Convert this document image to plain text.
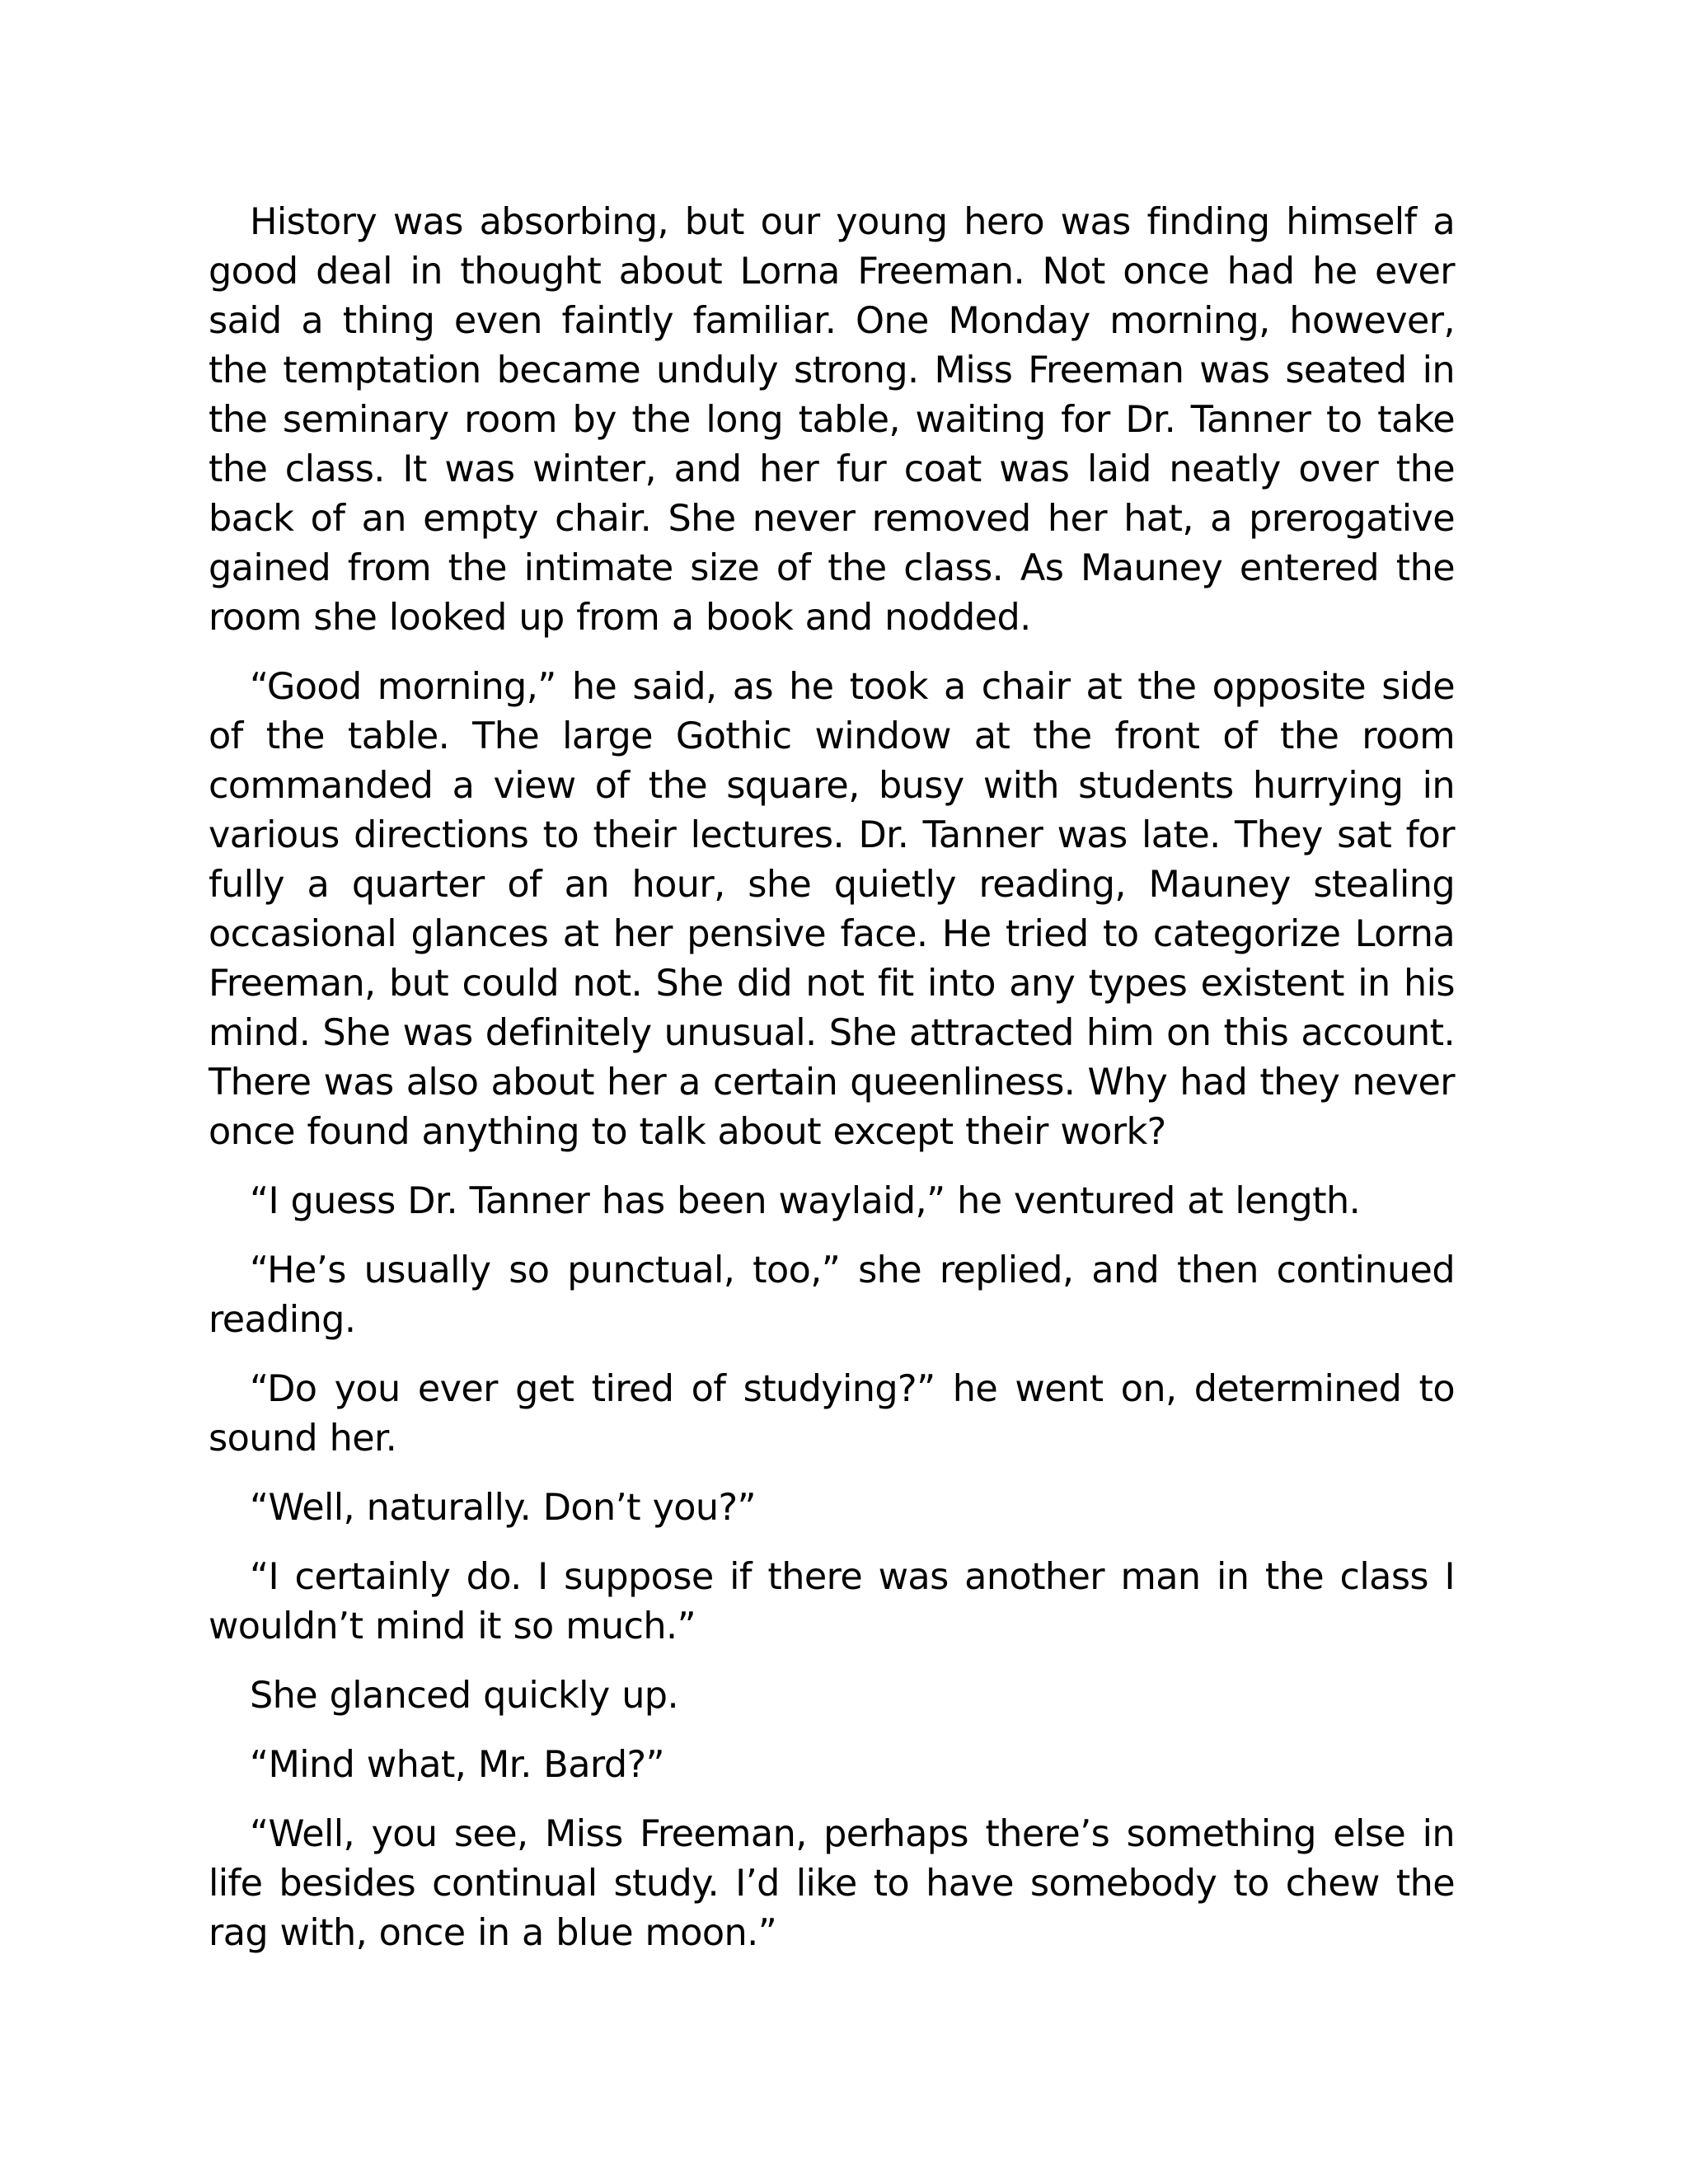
History was absorbing, but our young hero was finding himself a good deal in thought about Lorna Freeman. Not once had he ever said a thing even faintly familiar. One Monday morning, however, the temptation became unduly strong. Miss Freeman was seated in the seminary room by the long table, waiting for Dr. Tanner to take the class. It was winter, and her fur coat was laid neatly over the back of an empty chair. She never removed her hat, a prerogative gained from the intimate size of the class. As Mauney entered the room she looked up from a book and nodded.

“Good morning,” he said, as he took a chair at the opposite side of the table. The large Gothic window at the front of the room commanded a view of the square, busy with students hurrying in various directions to their lectures. Dr. Tanner was late. They sat for fully a quarter of an hour, she quietly reading, Mauney stealing occasional glances at her pensive face. He tried to categorize Lorna Freeman, but could not. She did not fit into any types existent in his mind. She was definitely unusual. She attracted him on this account. There was also about her a certain queenliness. Why had they never once found anything to talk about except their work?

“I guess Dr. Tanner has been waylaid,” he ventured at length.

“He’s usually so punctual, too,” she replied, and then continued reading.

“Do you ever get tired of studying?” he went on, determined to sound her.

“Well, naturally. Don’t you?”

“I certainly do. I suppose if there was another man in the class I wouldn’t mind it so much.”

She glanced quickly up.

“Mind what, Mr. Bard?”

“Well, you see, Miss Freeman, perhaps there’s something else in life besides continual study. I’d like to have somebody to chew the rag with, once in a blue moon.”
